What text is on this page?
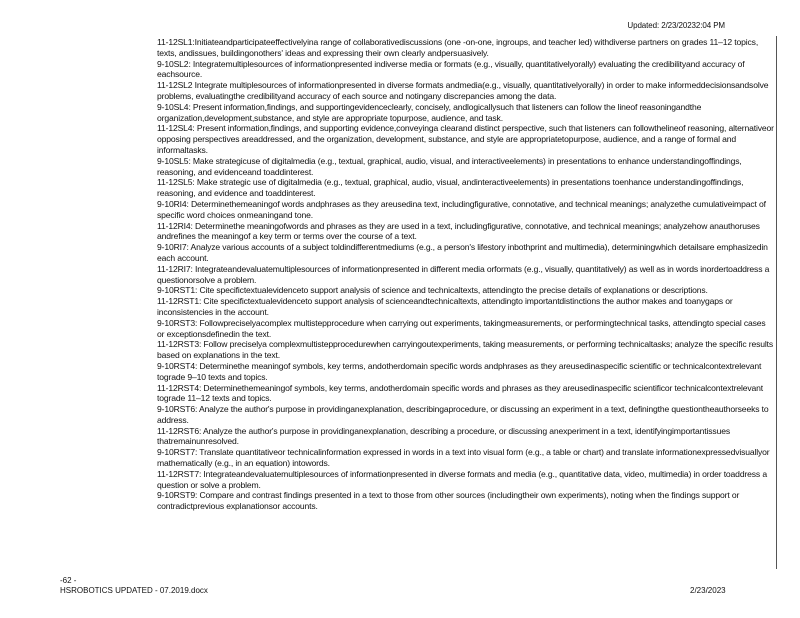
Updated: 2/23/20232:04 PM

11-12SL1:Initiateandparticipateeffectivelyina range of collaborativediscussions (one -on-one, ingroups, and teacher led) withdiverse partners on grades 11–12 topics, texts, andissues, buildingonothers' ideas and expressing their own clearly andpersuasively.

9-10SL2: Integratemultiplesources of informationpresented indiverse media or formats (e.g., visually, quantitativelyorally) evaluating the credibilityand accuracy of eachsource.

11-12SL2 Integrate multiplesources of informationpresented in diverse formats andmedia(e.g., visually, quantitativelyorally) in order to make informeddecisionsandsolve problems, evaluatingthe credibilityand accuracy of each source and notingany discrepancies among the data.

9-10SL4: Present information,findings, and supportingevidenceclearly, concisely, andlogicallysuch that listeners can follow the lineof reasoningandthe organization,development,substance, and style are appropriate topurpose, audience, and task.

11-12SL4: Present information,findings, and supporting evidence,conveyinga clearand distinct perspective, such that listeners can followthelineof reasoning, alternativeor opposing perspectives areaddressed, and the organization, development, substance, and style are appropriatetopurpose, audience, and a range of formal and informaltasks.

9-10SL5: Make strategicuse of digitalmedia (e.g., textual, graphical, audio, visual, and interactiveelements) in presentations to enhance understandingoffindings, reasoning, and evidenceand toaddinterest.

11-12SL5: Make strategic use of digitalmedia (e.g., textual, graphical, audio, visual, andinteractiveelements) in presentations toenhance understandingoffindings, reasoning, and evidence and toaddinterest.

9-10RI4: Determinethemeaningof words andphrases as they areusedina text, includingfigurative, connotative, and technical meanings; analyzethe cumulativeimpact of specific word choices onmeaningand tone.

11-12RI4: Determinethe meaningofwords and phrases as they are used in a text, includingfigurative, connotative, and technical meanings; analyzehow anauthoruses andrefines the meaningof a key term or terms over the course of a text.

9-10RI7: Analyze various accounts of a subject toldindifferentmediums (e.g., a person's lifestory inbothprint and multimedia), determiningwhich detailsare emphasizedin each account.

11-12RI7: Integrateandevaluatemultiplesources of informationpresented in different media orformats (e.g., visually, quantitatively) as well as in words inordertoaddress a questionorsolve a problem.

9-10RST1: Cite specifictextualevidenceto support analysis of science and technicaltexts, attendingto the precise details of explanations or descriptions.

11-12RST1: Cite specifictextualevidenceto support analysis of scienceandtechnicaltexts, attendingto importantdistinctions the author makes and toanygaps or inconsistencies in the account.

9-10RST3: Followpreciselyacomplex multistepprocedure when carrying out experiments, takingmeasurements, or performingtechnical tasks, attendingto special cases or exceptionsdefinedin the text.

11-12RST3: Follow preciselya complexmultistepprocedurewhen carryingoutexperiments, taking measurements, or performing technicaltasks; analyze the specific results based on explanations in the text.

9-10RST4: Determinethe meaningof symbols, key terms, andotherdomain specific words andphrases as they areusedinaspecific scientific or technicalcontextrelevant tograde 9–10 texts and topics.

11-12RST4: Determinethemeaningof symbols, key terms, andotherdomain specific words and phrases as they areusedinaspecific scientificor technicalcontextrelevant tograde 11–12 texts and topics.

9-10RST6: Analyze the author's purpose in providinganexplanation, describingaprocedure, or discussing an experiment in a text, definingthe questiontheauthorseeks to address.

11-12RST6: Analyze the author's purpose in providinganexplanation, describing a procedure, or discussing anexperiment in a text, identifyingimportantissues thatremainunresolved.

9-10RST7: Translate quantitativeor technicalinformation expressed in words in a text into visual form (e.g., a table or chart) and translate informationexpressedvisuallyor mathematically (e.g., in an equation) intowords.

11-12RST7: Integrateandevaluatemultiplesources of informationpresented in diverse formats and media (e.g., quantitative data, video, multimedia) in order toaddress a question or solve a problem.

9-10RST9: Compare and contrast findings presented in a text to those from other sources (includingtheir own experiments), noting when the findings support or contradictprevious explanationsor accounts.

-62 -
HSROBOTICS UPDATED - 07.2019.docx	2/23/2023
